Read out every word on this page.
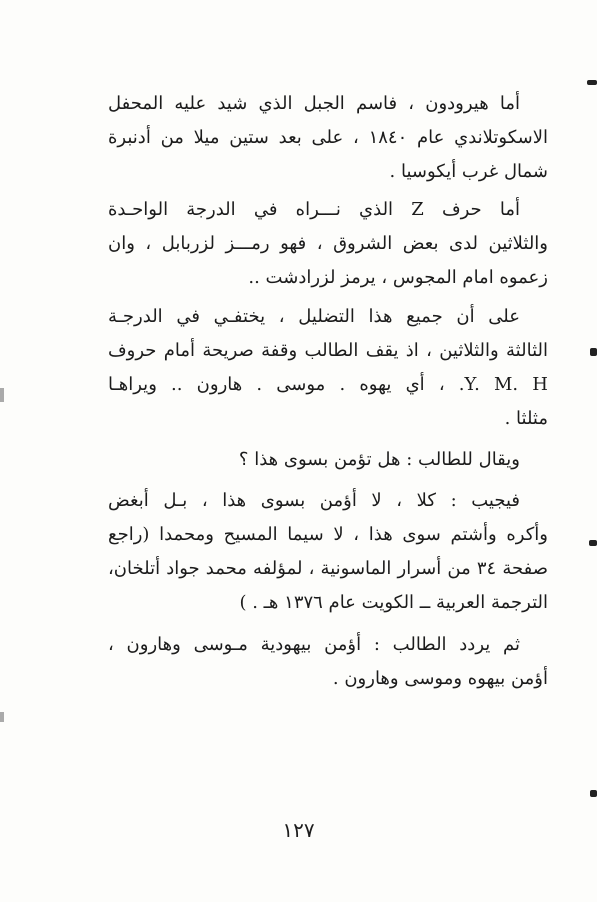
أما هيرودون ، فاسم الجبل الذي شيد عليه المحفل
الاسكوتلاندي عام ١٨٤٠ ، على بعد ستين ميلا من أدنبرة
شمال غرب أيكوسيا .
أما حرف Z الذي نـــراه في الدرجة الواحـدة
والثلاثين لدى بعض الشروق ، فهو رمـــز لزربابل ، وان
زعموه امام المجوس ، يرمز لزرادشت ..
على أن جميع هذا التضليل ، يختفـي في الدرجـة
الثالثة والثلاثين ، اذ يقف الطالب وقفة صريحة أمام حروف
Y. M. H. ، أي يهوه . موسى . هارون .. ويراهـا
مثلثا .
ويقال للطالب : هل تؤمن بسوى هذا ؟
فيجيب : كلا ، لا أؤمن بسوى هذا ، بـل أبغض
وأكره وأشتم سوى هذا ، لا سيما المسيح ومحمدا (راجع
صفحة ٣٤ من أسرار الماسونية ، لمؤلفه محمد جواد أتلخان،
الترجمة العربية ــ الكويت عام ١٣٧٦ هـ . )
ثم يردد الطالب : أؤمن بيهودية مـوسى وهارون ،
أؤمن بيهوه وموسى وهارون .
١٢٧
